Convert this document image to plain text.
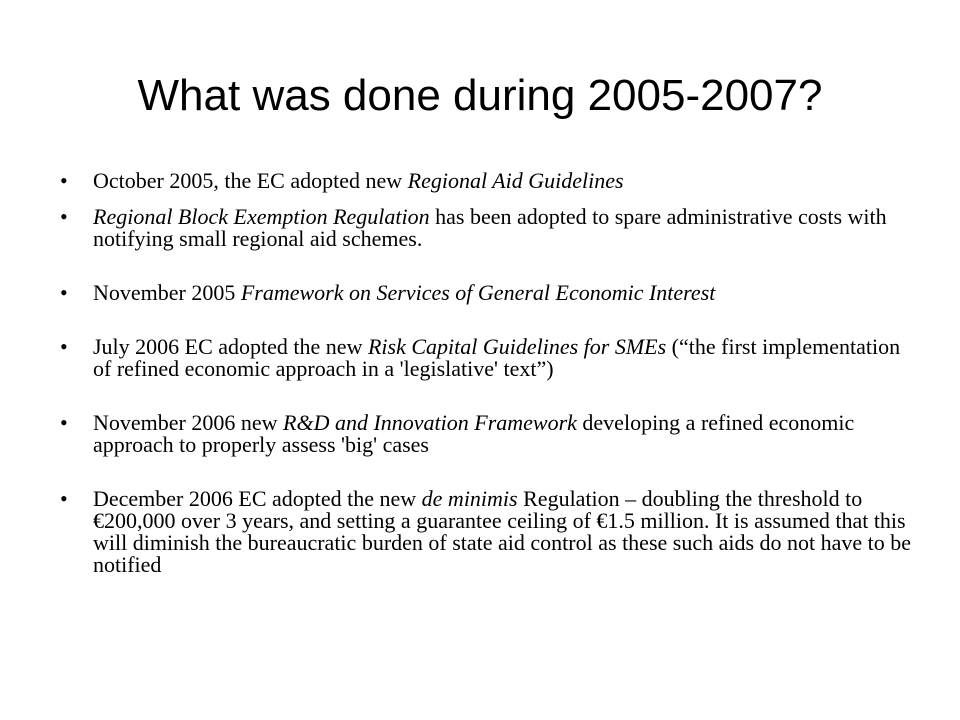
What was done during 2005-2007?
• October 2005, the EC adopted new Regional Aid Guidelines
• Regional Block Exemption Regulation has been adopted to spare administrative costs with notifying small regional aid schemes.
• November 2005 Framework on Services of General Economic Interest
• July 2006 EC adopted the new Risk Capital Guidelines for SMEs (“the first implementation of refined economic approach in a 'legislative' text”)
• November 2006 new R&D and Innovation Framework developing a refined economic approach to properly assess 'big' cases
• December 2006 EC adopted the new de minimis Regulation – doubling the threshold to €200,000 over 3 years, and setting a guarantee ceiling of €1.5 million. It is assumed that this will diminish the bureaucratic burden of state aid control as these such aids do not have to be notified
